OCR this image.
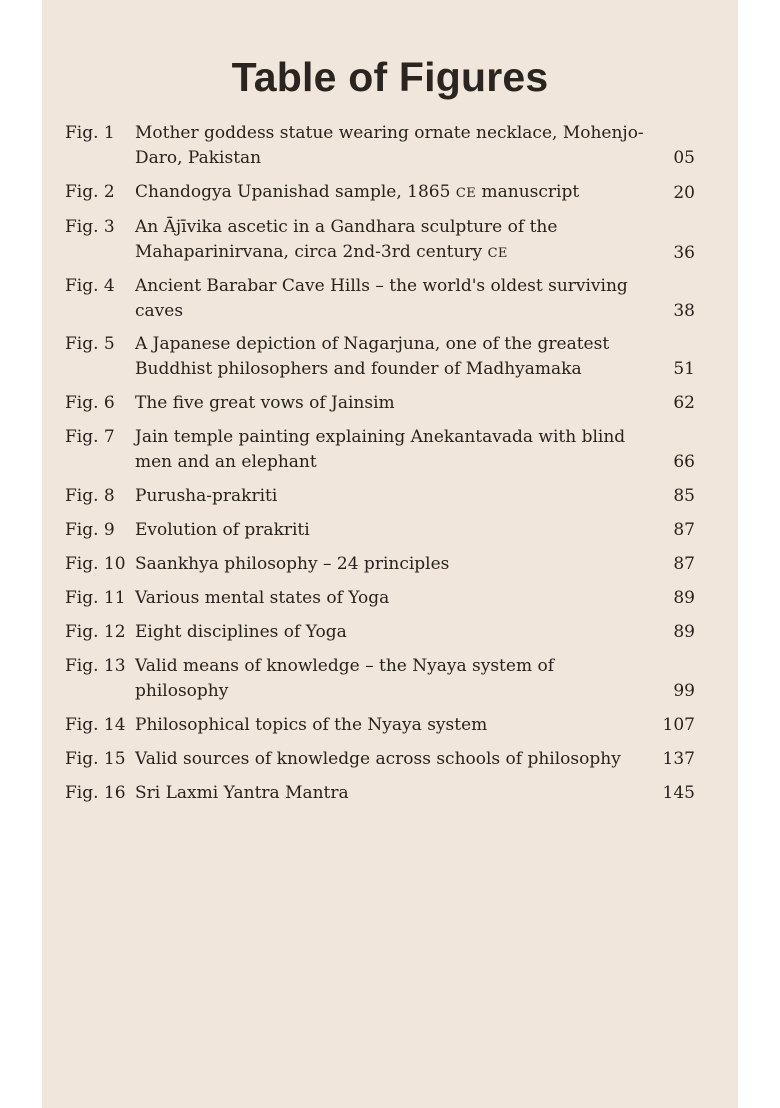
Table of Figures
Fig. 1	Mother goddess statue wearing ornate necklace, Mohenjo-Daro, Pakistan	05
Fig. 2	Chandogya Upanishad sample, 1865 CE manuscript	20
Fig. 3	An Ājīvika ascetic in a Gandhara sculpture of the Mahaparinirvana, circa 2nd-3rd century CE	36
Fig. 4	Ancient Barabar Cave Hills – the world's oldest surviving caves	38
Fig. 5	A Japanese depiction of Nagarjuna, one of the greatest Buddhist philosophers and founder of Madhyamaka	51
Fig. 6	The five great vows of Jainsim	62
Fig. 7	Jain temple painting explaining Anekantavada with blind men and an elephant	66
Fig. 8	Purusha-prakriti	85
Fig. 9	Evolution of prakriti	87
Fig. 10 Saankhya philosophy – 24 principles	87
Fig. 11 Various mental states of Yoga	89
Fig. 12 Eight disciplines of Yoga	89
Fig. 13 Valid means of knowledge – the Nyaya system of philosophy	99
Fig. 14 Philosophical topics of the Nyaya system	107
Fig. 15 Valid sources of knowledge across schools of philosophy	137
Fig. 16 Sri Laxmi Yantra Mantra	145
